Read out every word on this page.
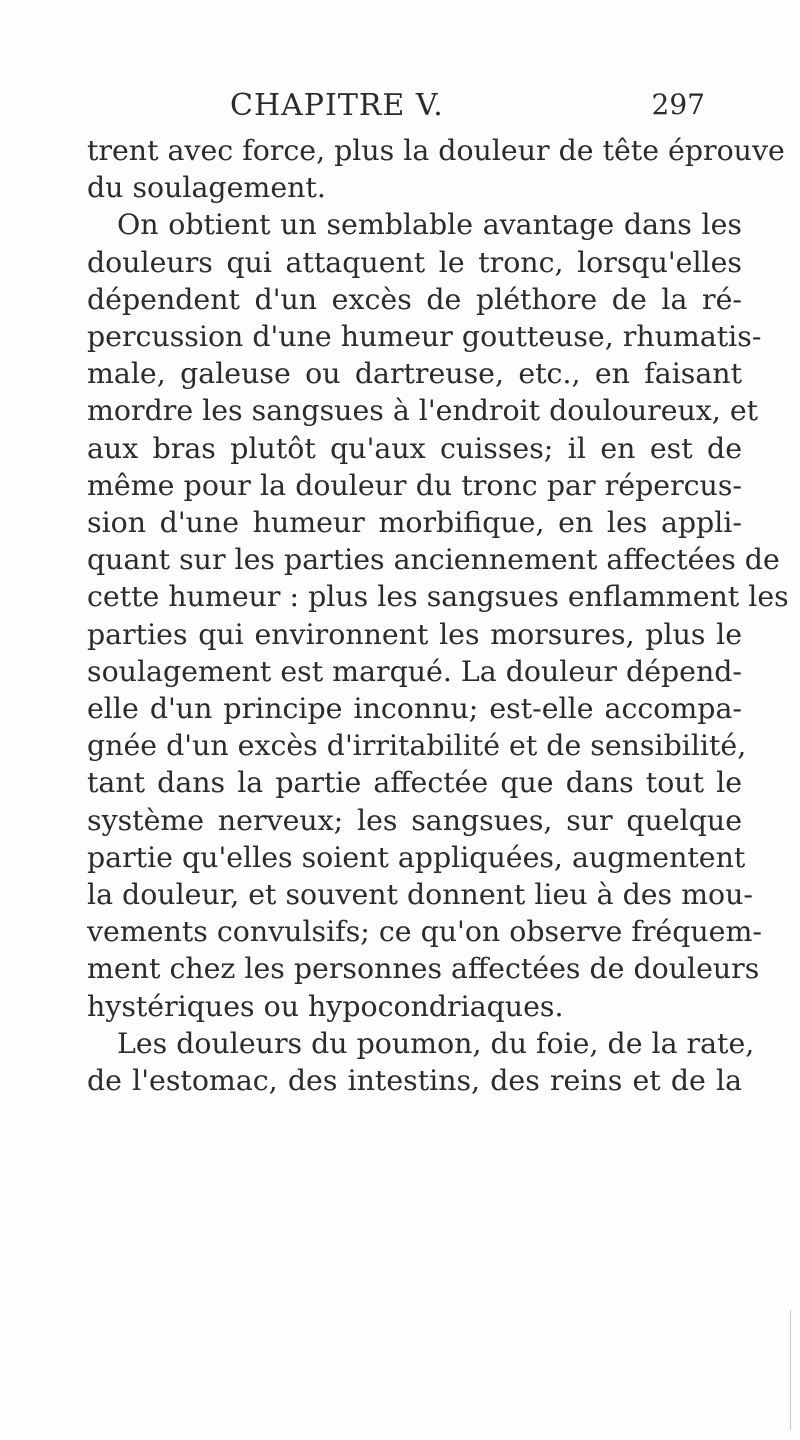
CHAPITRE V.	297

trent avec force, plus la douleur de tête éprouve
du soulagement.

On obtient un semblable avantage dans les
douleurs qui attaquent le tronc, lorsqu'elles
dépendent d'un excès de pléthore de la ré-
percussion d'une humeur goutteuse, rhumatis-
male, galeuse ou dartreuse, etc., en faisant
mordre les sangsues à l'endroit douloureux, et
aux bras plutôt qu'aux cuisses; il en est de
même pour la douleur du tronc par répercus-
sion d'une humeur morbifique, en les appli-
quant sur les parties anciennement affectées de
cette humeur : plus les sangsues enflamment les
parties qui environnent les morsures, plus le
soulagement est marqué. La douleur dépend-
elle d'un principe inconnu; est-elle accompa-
gnée d'un excès d'irritabilité et de sensibilité,
tant dans la partie affectée que dans tout le
système nerveux; les sangsues, sur quelque
partie qu'elles soient appliquées, augmentent
la douleur, et souvent donnent lieu à des mou-
vements convulsifs; ce qu'on observe fréquem-
ment chez les personnes affectées de douleurs
hystériques ou hypocondriaques.

Les douleurs du poumon, du foie, de la rate,
de l'estomac, des intestins, des reins et de la
